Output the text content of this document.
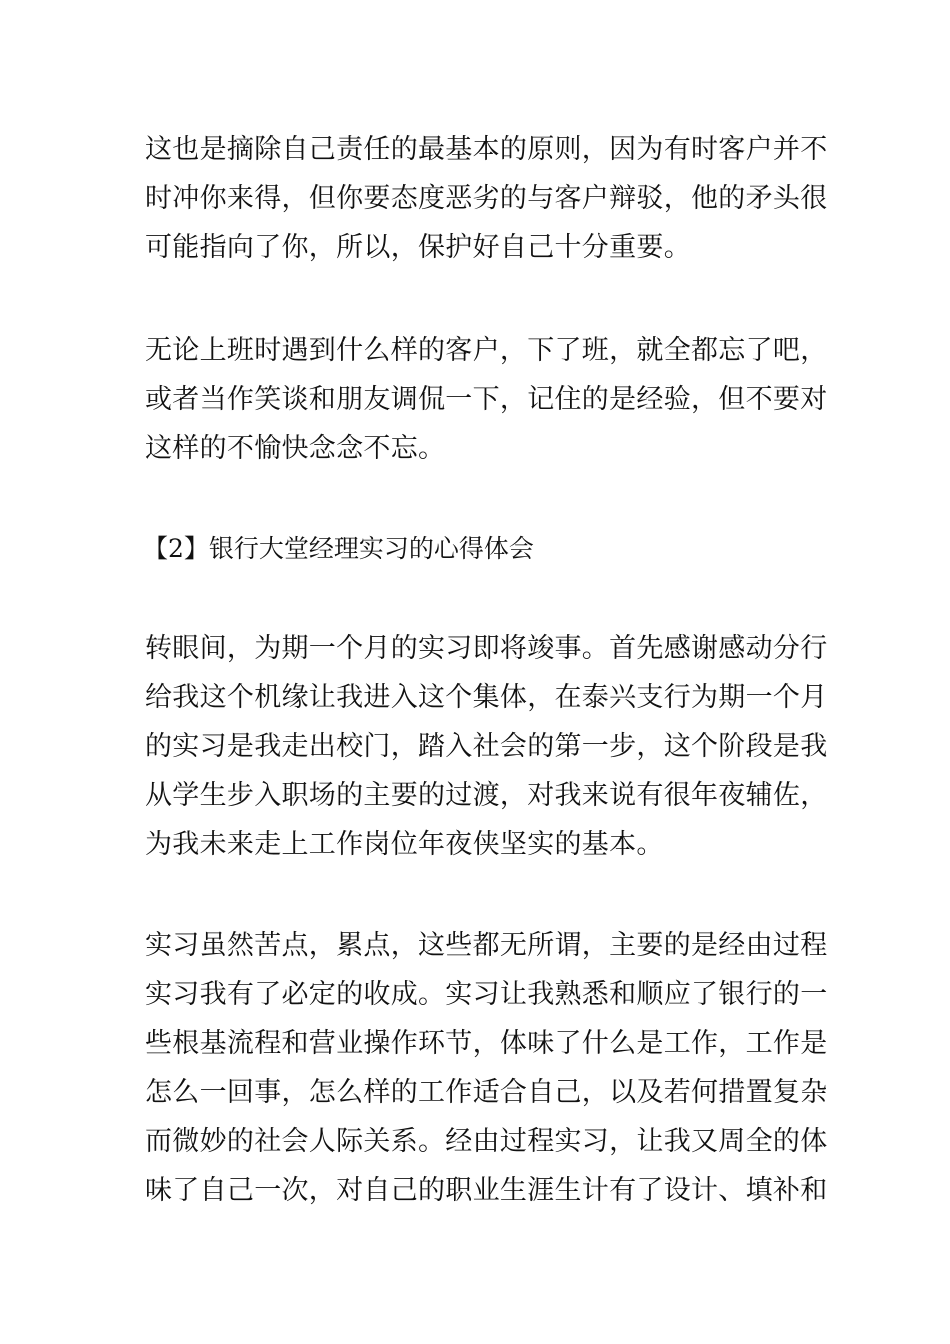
这也是摘除自己责任的最基本的原则，因为有时客户并不
时冲你来得，但你要态度恶劣的与客户辩驳，他的矛头很
可能指向了你，所以，保护好自己十分重要。

无论上班时遇到什么样的客户，下了班，就全都忘了吧，
或者当作笑谈和朋友调侃一下，记住的是经验，但不要对
这样的不愉快念念不忘。

【2】银行大堂经理实习的心得体会

转眼间，为期一个月的实习即将竣事。首先感谢感动分行
给我这个机缘让我进入这个集体，在泰兴支行为期一个月
的实习是我走出校门，踏入社会的第一步，这个阶段是我
从学生步入职场的主要的过渡，对我来说有很年夜辅佐，
为我未来走上工作岗位年夜侠坚实的基本。

实习虽然苦点，累点，这些都无所谓，主要的是经由过程
实习我有了必定的收成。实习让我熟悉和顺应了银行的一
些根基流程和营业操作环节，体味了什么是工作，工作是
怎么一回事，怎么样的工作适合自己，以及若何措置复杂
而微妙的社会人际关系。经由过程实习，让我又周全的体
味了自己一次，对自己的职业生涯生计有了设计、填补和
